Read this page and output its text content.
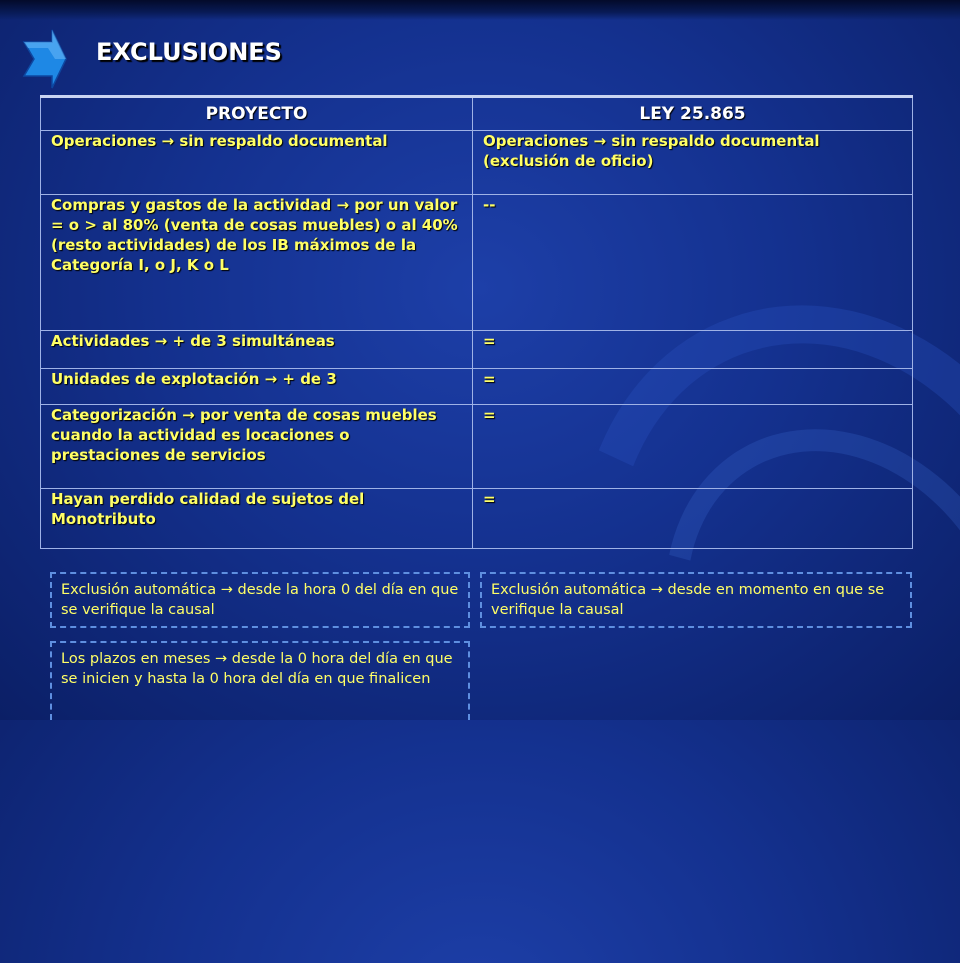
EXCLUSIONES
PROYECTO	LEY 25.865
Operaciones → sin respaldo documental	Operaciones → sin respaldo documental (exclusión de oficio)
Compras y gastos de la actividad → por un valor = o > al 80% (venta de cosas muebles) o al 40% (resto actividades) de los IB máximos de la Categoría I, o J, K o L	--
Actividades → + de 3 simultáneas	=
Unidades de explotación → + de 3	=
Categorización → por venta de cosas muebles cuando la actividad es locaciones o prestaciones de servicios	=
Hayan perdido calidad de sujetos del Monotributo	=
Exclusión automática → desde la hora 0 del día en que se verifique la causal
Exclusión automática → desde en momento en que se verifique la causal
Los plazos en meses → desde la 0 hora del día en que se inicien y hasta la 0 hora del día en que finalicen
